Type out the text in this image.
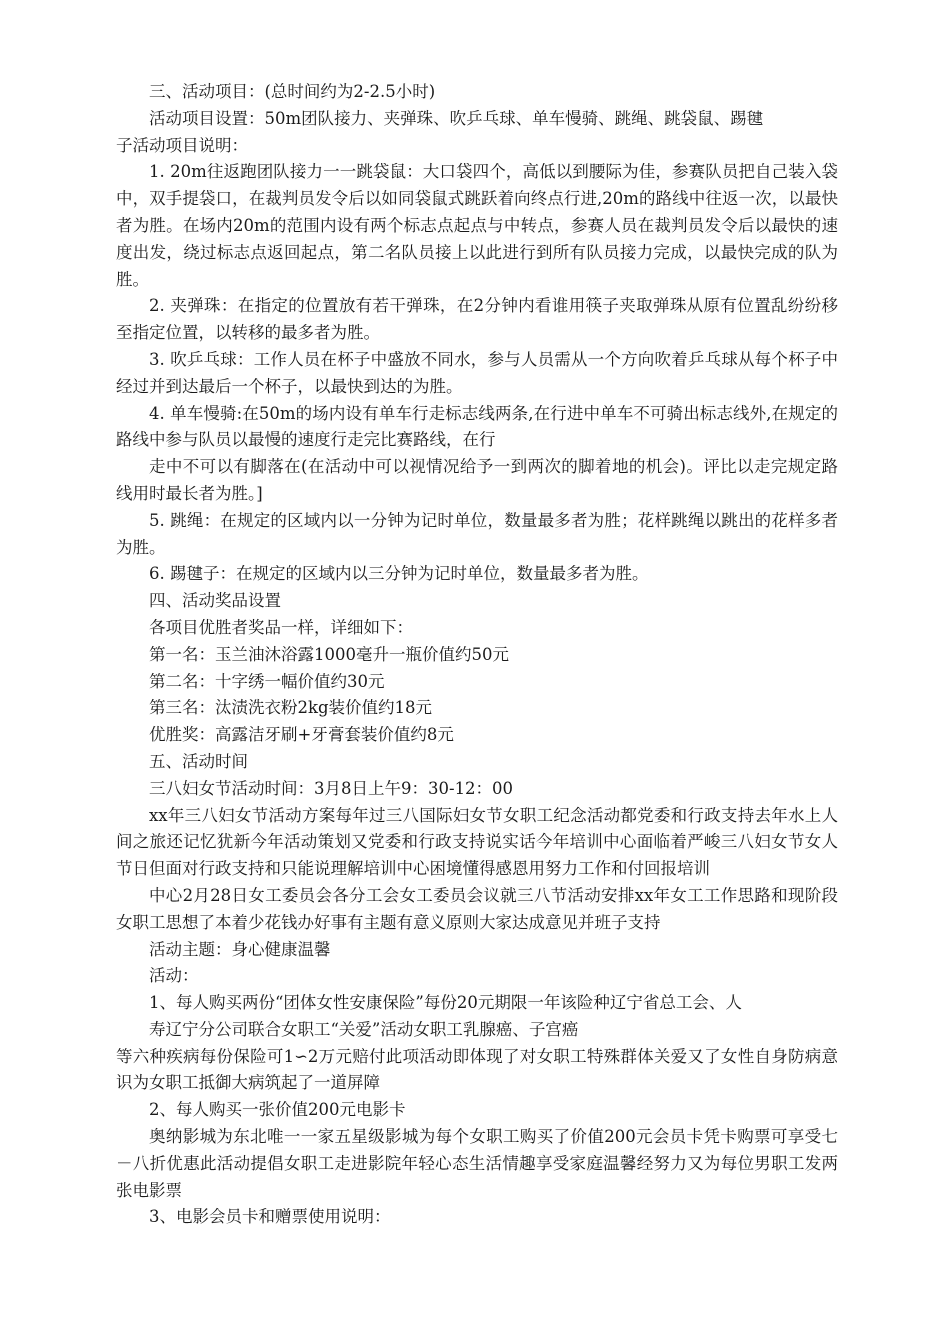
三、活动项目：(总时间约为2-2.5小时)

活动项目设置：50m团队接力、夹弹珠、吹乒乓球、单车慢骑、跳绳、跳袋鼠、踢毽

子活动项目说明：

1. 20m往返跑团队接力一一跳袋鼠：大口袋四个，高低以到腰际为佳，参赛队员把自己装入袋中，双手提袋口，在裁判员发令后以如同袋鼠式跳跃着向终点行进,20m的路线中往返一次，以最快者为胜。在场内20m的范围内设有两个标志点起点与中转点，参赛人员在裁判员发令后以最快的速度出发，绕过标志点返回起点，第二名队员接上以此进行到所有队员接力完成，以最快完成的队为胜。

2. 夹弹珠：在指定的位置放有若干弹珠，在2分钟内看谁用筷子夹取弹珠从原有位置乱纷纷移至指定位置，以转移的最多者为胜。

3. 吹乒乓球：工作人员在杯子中盛放不同水，参与人员需从一个方向吹着乒乓球从每个杯子中经过并到达最后一个杯子，以最快到达的为胜。

4. 单车慢骑:在50m的场内设有单车行走标志线两条,在行进中单车不可骑出标志线外,在规定的路线中参与队员以最慢的速度行走完比赛路线，在行

走中不可以有脚落在(在活动中可以视情况给予一到两次的脚着地的机会)。评比以走完规定路线用时最长者为胜。]

5. 跳绳：在规定的区域内以一分钟为记时单位，数量最多者为胜；花样跳绳以跳出的花样多者为胜。

6. 踢毽子：在规定的区域内以三分钟为记时单位，数量最多者为胜。

四、活动奖品设置

各项目优胜者奖品一样，详细如下：

第一名：玉兰油沐浴露1000毫升一瓶价值约50元

第二名：十字绣一幅价值约30元

第三名：汰渍洗衣粉2kg装价值约18元

优胜奖：高露洁牙刷+牙膏套装价值约8元

五、活动时间

三八妇女节活动时间：3月8日上午9：30-12：00

xx年三八妇女节活动方案每年过三八国际妇女节女职工纪念活动都党委和行政支持去年水上人间之旅还记忆犹新今年活动策划又党委和行政支持说实话今年培训中心面临着严峻三八妇女节女人节日但面对行政支持和只能说理解培训中心困境懂得感恩用努力工作和付回报培训

中心2月28日女工委员会各分工会女工委员会议就三八节活动安排xx年女工工作思路和现阶段女职工思想了本着少花钱办好事有主题有意义原则大家达成意见并班子支持

活动主题：身心健康温馨

活动：

1、每人购买两份“团体女性安康保险”每份20元期限一年该险种辽宁省总工会、人

寿辽宁分公司联合女职工“关爱”活动女职工乳腺癌、子宫癌

等六种疾病每份保险可1∽2万元赔付此项活动即体现了对女职工特殊群体关爱又了女性自身防病意识为女职工抵御大病筑起了一道屏障

2、每人购买一张价值200元电影卡

奥纳影城为东北唯一一家五星级影城为每个女职工购买了价值200元会员卡凭卡购票可享受七－八折优惠此活动提倡女职工走进影院年轻心态生活情趣享受家庭温馨经努力又为每位男职工发两张电影票

3、电影会员卡和赠票使用说明：
